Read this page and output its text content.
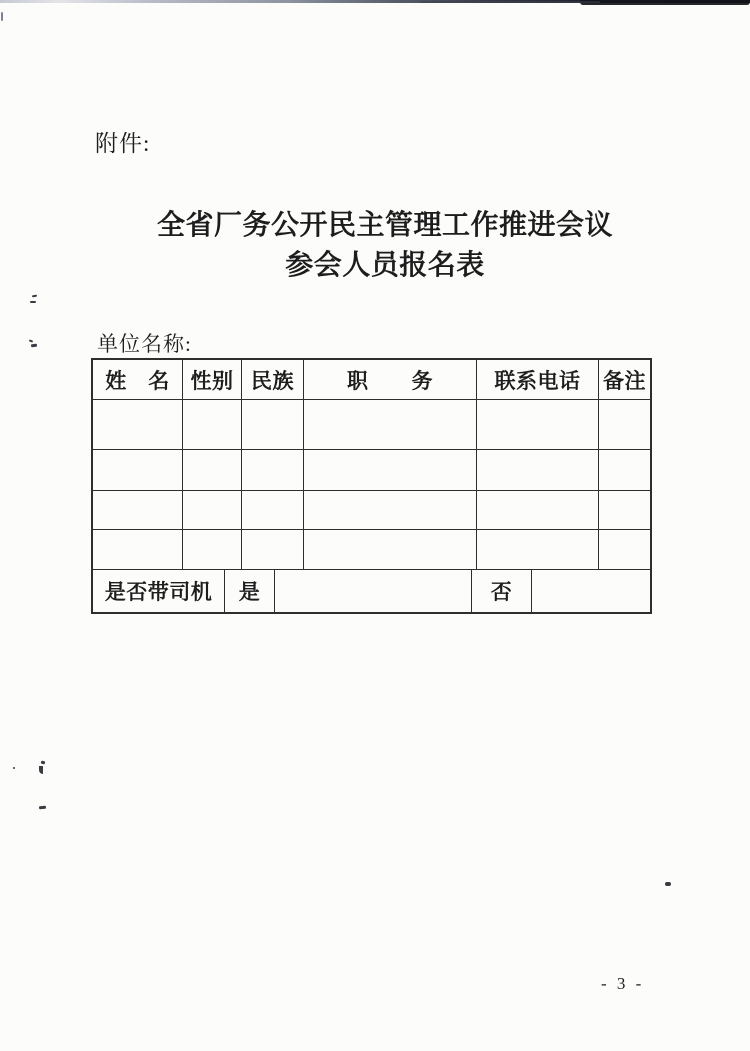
附件:
全省厂务公开民主管理工作推进会议
参会人员报名表
单位名称:
姓　名 性别 民族	职　　务	联系电话	备注
是否带司机	是	否
- 3 -
